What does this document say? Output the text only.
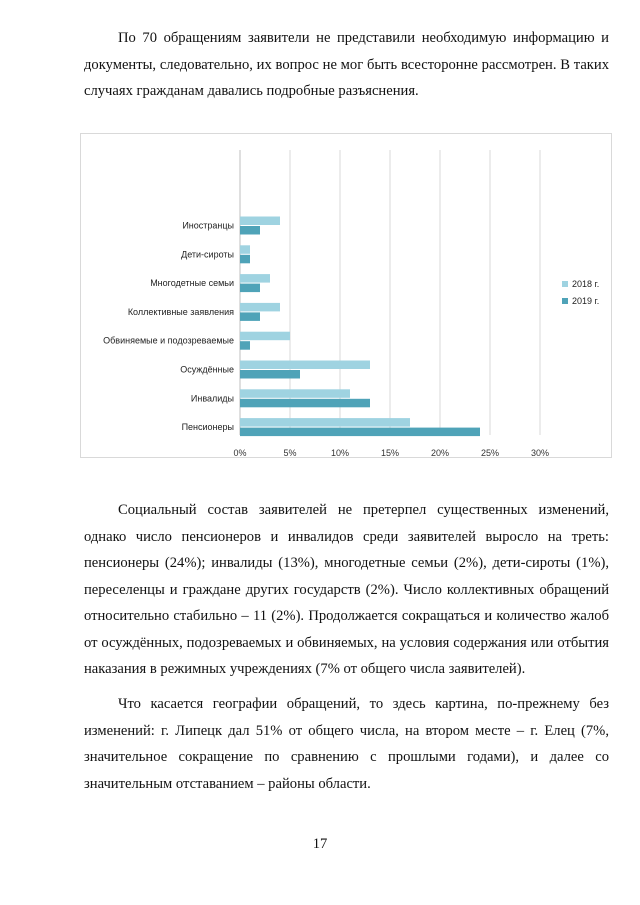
По 70 обращениям заявители не представили необходимую информацию и документы, следовательно, их вопрос не мог быть всесторонне рассмотрен. В таких случаях гражданам давались подробные разъяснения.

0%	5%	10%	15%	20%	25%	30%
Иностранцы
Дети-сироты
Многодетные семьи
Коллективные заявления
Обвиняемые и подозреваемые
Осуждённые
Инвалиды
Пенсионеры
2018 г.
2019 г.

Социальный состав заявителей не претерпел существенных изменений, однако число пенсионеров и инвалидов среди заявителей выросло на треть: пенсионеры (24%); инвалиды (13%), многодетные семьи (2%), дети-сироты (1%), переселенцы и граждане других государств (2%). Число коллективных обращений относительно стабильно – 11 (2%). Продолжается сокращаться и количество жалоб от осуждённых, подозреваемых и обвиняемых, на условия содержания или отбытия наказания в режимных учреждениях (7% от общего числа заявителей).

Что касается географии обращений, то здесь картина, по-прежнему без изменений: г. Липецк дал 51% от общего числа, на втором месте – г. Елец (7%, значительное сокращение по сравнению с прошлыми годами), и далее со значительным отставанием – районы области.

17
